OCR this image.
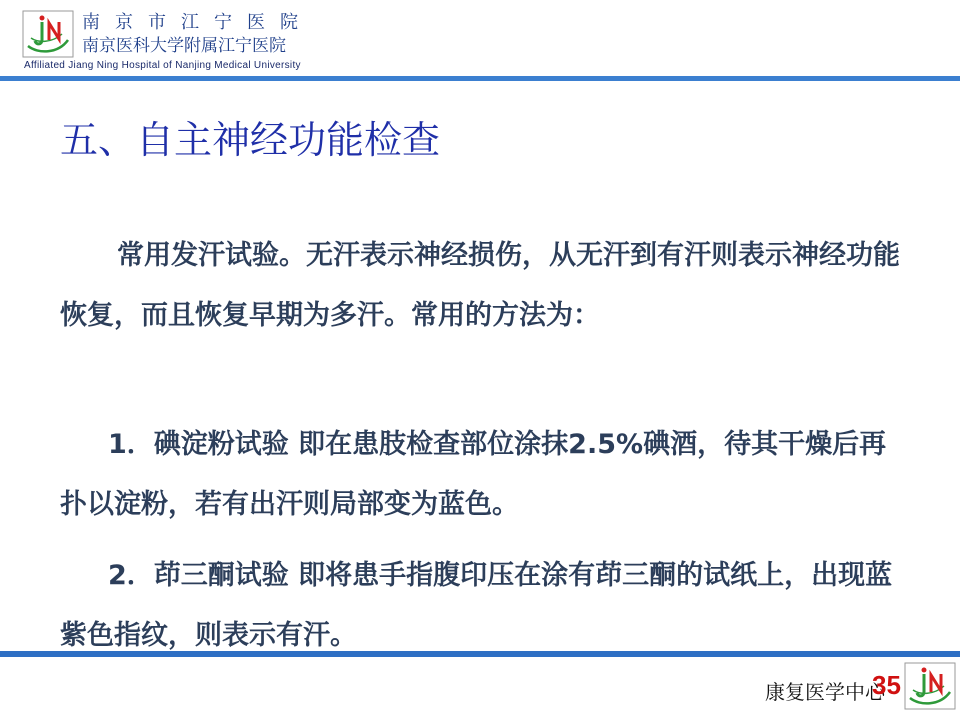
南京市江宁医院
南京医科大学附属江宁医院
Affiliated Jiang Ning Hospital of Nanjing Medical University
五、自主神经功能检查
常用发汗试验。无汗表示神经损伤，从无汗到有汗则表示神经功能恢复，而且恢复早期为多汗。常用的方法为：
1．碘淀粉试验 即在患肢检查部位涂抹2.5%碘酒，待其干燥后再扑以淀粉，若有出汗则局部变为蓝色。
2．茚三酮试验 即将患手指腹印压在涂有茚三酮的试纸上，出现蓝紫色指纹，则表示有汗。
康复医学中心
35
